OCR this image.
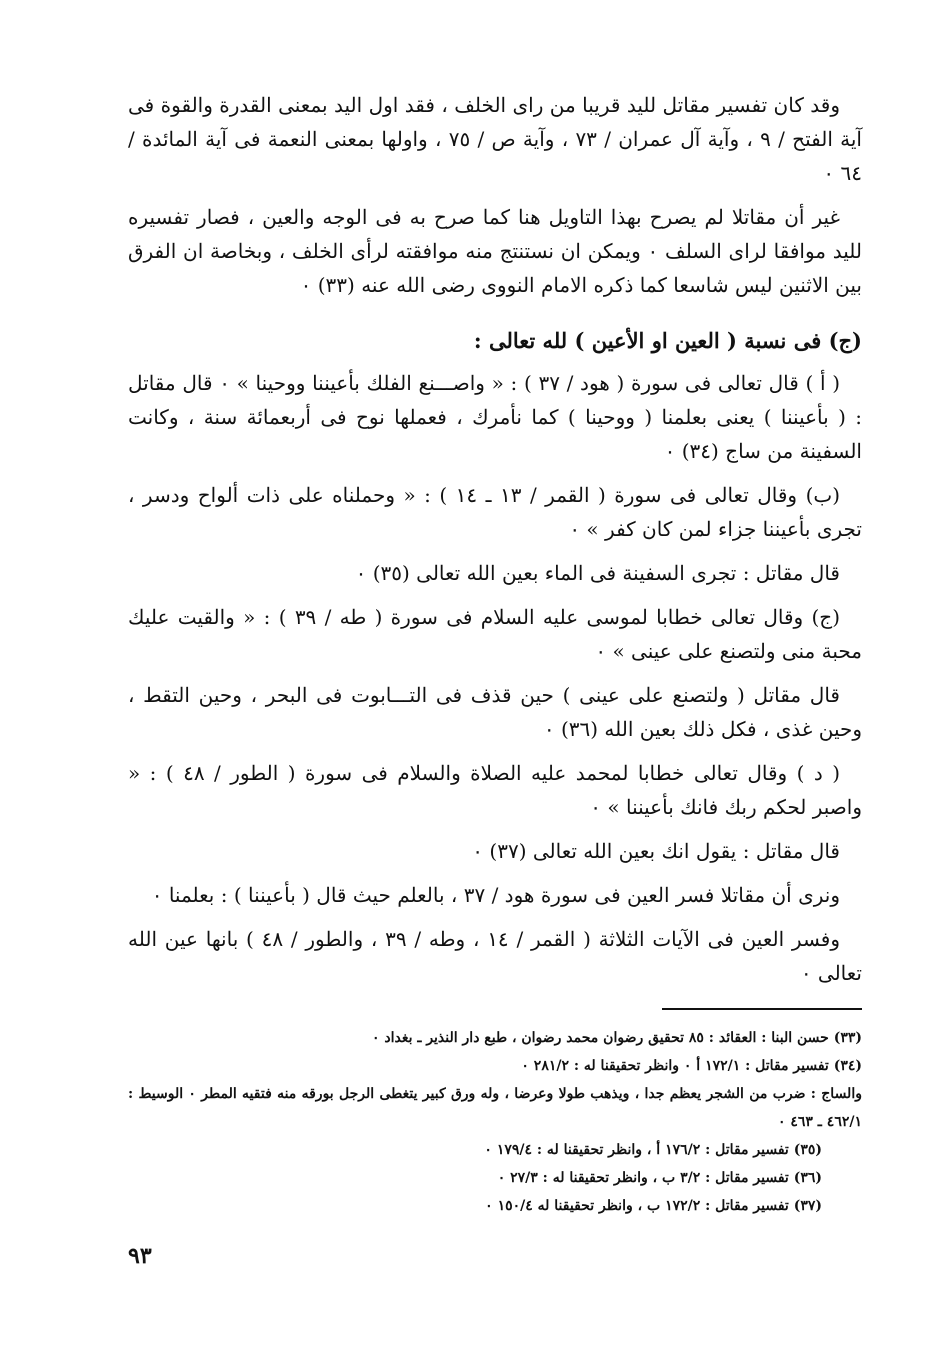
وقد كان تفسير مقاتل لليد قريبا من راى الخلف ، فقد اول اليد بمعنى القدرة والقوة فى آية الفتح / ٩ ، وآية آل عمران / ٧٣ ، وآية ص / ٧٥ ، واولها بمعنى النعمة فى آية المائدة / ٦٤ ٠

غير أن مقاتلا لم يصرح بهذا التاويل هنا كما صرح به فى الوجه والعين ، فصار تفسيره لليد موافقا لراى السلف ٠ ويمكن ان نستنتج منه موافقته لرأى الخلف ، وبخاصة ان الفرق بين الاثنين ليس شاسعا كما ذكره الامام النووى رضى الله عنه (٣٣) ٠

(ج) فى نسبة ( العين او الأعين ) لله تعالى :

( أ ) قال تعالى فى سورة ( هود / ٣٧ ) : « واصـــنع الفلك بأعيننا ووحينا » ٠ قال مقاتل : ( بأعيننا ) يعنى بعلمنا ( ووحينا ) كما نأمرك ، فعملها نوح فى أربعمائة سنة ، وكانت السفينة من ساج (٣٤) ٠

(ب) وقال تعالى فى سورة ( القمر / ١٣ ـ ١٤ ) : « وحملناه على ذات ألواح ودسر ، تجرى بأعيننا جزاء لمن كان كفر » ٠

قال مقاتل : تجرى السفينة فى الماء بعين الله تعالى (٣٥) ٠

(ج) وقال تعالى خطابا لموسى عليه السلام فى سورة ( طه / ٣٩ ) : « والقيت عليك محبة منى ولتصنع على عينى » ٠

قال مقاتل ( ولتصنع على عينى ) حين قذف فى التـــابوت فى البحر ، وحين التقط ، وحين غذى ، فكل ذلك بعين الله (٣٦) ٠

( د ) وقال تعالى خطابا لمحمد عليه الصلاة والسلام فى سورة ( الطور / ٤٨ ) : « واصبر لحكم ربك فانك بأعيننا » ٠

قال مقاتل : يقول انك بعين الله تعالى (٣٧) ٠

ونرى أن مقاتلا فسر العين فى سورة هود / ٣٧ ، بالعلم حيث قال ( بأعيننا ) : بعلمنا ٠

وفسر العين فى الآيات الثلاثة ( القمر / ١٤ ، وطه / ٣٩ ، والطور / ٤٨ ) بانها عين الله تعالى ٠

(٣٣) حسن البنا : العقائد : ٨٥ تحقيق رضوان محمد رضوان ، طبع دار النذير ـ بغداد ٠

(٣٤) تفسير مقاتل : ١٧٢/١ أ ٠ وانظر تحقيقنا له : ٢٨١/٢ ٠

والساج : ضرب من الشجر يعظم جدا ، ويذهب طولا وعرضا ، وله ورق كبير يتغطى الرجل بورقه منه فتقيه المطر ٠ الوسيط : ٤٦٢/١ ـ ٤٦٣ ٠

(٣٥) تفسير مقاتل : ١٧٦/٢ أ ، وانظر تحقيقنا له : ١٧٩/٤ ٠

(٣٦) تفسير مقاتل : ٣/٢ ب ، وانظر تحقيقنا له : ٢٧/٣ ٠

(٣٧) تفسير مقاتل : ١٧٢/٢ ب ، وانظر تحقيقنا له ١٥٠/٤ ٠

٩٣
